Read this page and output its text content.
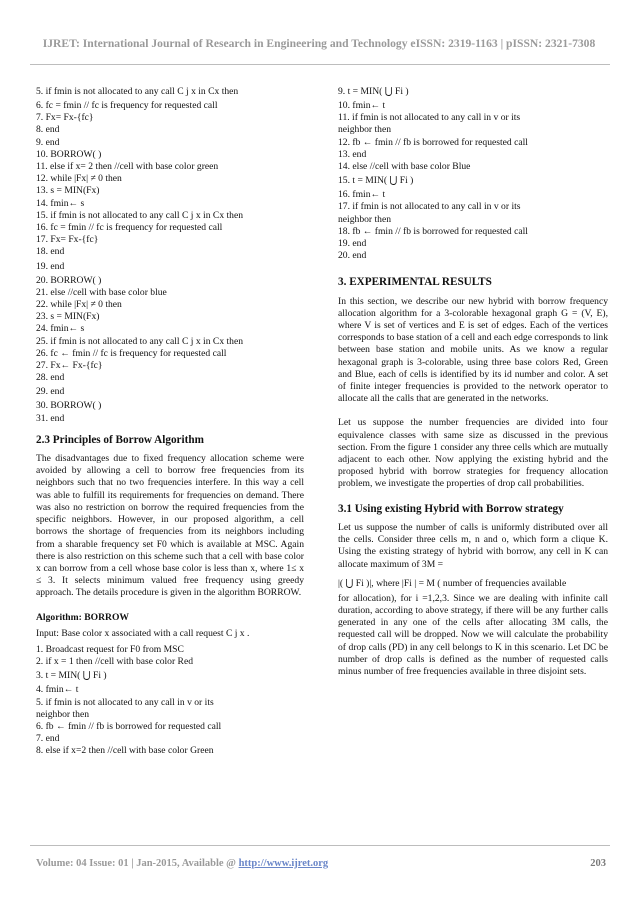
IJRET: International Journal of Research in Engineering and Technology eISSN: 2319-1163 | pISSN: 2321-7308
5. if fmin is not allocated to any call C j x in Cx then
6. fc = fmin // fc is frequency for requested call
7. Fx= Fx-{fc}
8. end
9. end
10. BORROW( )
11. else if x= 2 then //cell with base color green
12. while |Fx| ≠ 0 then
13. s = MIN(Fx)
14. fmin← s
15. if fmin is not allocated to any call C j x in Cx then
16. fc = fmin // fc is frequency for requested call
17. Fx= Fx-{fc}
18. end
19. end
20. BORROW( )
21. else //cell with base color blue
22. while |Fx| ≠ 0 then
23. s = MIN(Fx)
24. fmin← s
25. if fmin is not allocated to any call C j x in Cx then
26. fc ← fmin // fc is frequency for requested call
27. Fx← Fx-{fc}
28. end
29. end
30. BORROW( )
31. end
2.3 Principles of Borrow Algorithm

The disadvantages due to fixed frequency allocation scheme were avoided by allowing a cell to borrow free frequencies from its neighbors such that no two frequencies interfere. In this way a cell was able to fulfill its requirements for frequencies on demand. There was also no restriction on borrow the required frequencies from the specific neighbors. However, in our proposed algorithm, a cell borrows the shortage of frequencies from its neighbors including from a sharable frequency set F0 which is available at MSC. Again there is also restriction on this scheme such that a cell with base color x can borrow from a cell whose base color is less than x, where 1≤ x ≤ 3. It selects minimum valued free frequency using greedy approach. The details procedure is given in the algorithm BORROW.

Algorithm: BORROW
Input: Base color x associated with a call request C j x .
1. Broadcast request for F0 from MSC
2. if x = 1 then //cell with base color Red
3. t = MIN( ⋃ Fi )
4. fmin← t
5. if fmin is not allocated to any call in v or its
neighbor then
6. fb ← fmin // fb is borrowed for requested call
7. end
8. else if x=2 then //cell with base color Green
9. t = MIN( ⋃ Fi )
10. fmin← t
11. if fmin is not allocated to any call in v or its
neighbor then
12. fb ← fmin // fb is borrowed for requested call
13. end
14. else //cell with base color Blue
15. t = MIN( ⋃ Fi )
16. fmin← t
17. if fmin is not allocated to any call in v or its
neighbor then
18. fb ← fmin // fb is borrowed for requested call
19. end
20. end
3. EXPERIMENTAL RESULTS

In this section, we describe our new hybrid with borrow frequency allocation algorithm for a 3-colorable hexagonal graph G = (V, E), where V is set of vertices and E is set of edges. Each of the vertices corresponds to base station of a cell and each edge corresponds to link between base station and mobile units. As we know a regular hexagonal graph is 3-colorable, using three base colors Red, Green and Blue, each of cells is identified by its id number and color. A set of finite integer frequencies is provided to the network operator to allocate all the calls that are generated in the networks.

Let us suppose the number frequencies are divided into four equivalence classes with same size as discussed in the previous section. From the figure 1 consider any three cells which are mutually adjacent to each other. Now applying the existing hybrid and the proposed hybrid with borrow strategies for frequency allocation problem, we investigate the properties of drop call probabilities.

3.1 Using existing Hybrid with Borrow strategy

Let us suppose the number of calls is uniformly distributed over all the cells. Consider three cells m, n and o, which form a clique K. Using the existing strategy of hybrid with borrow, any cell in K can allocate maximum of 3M =

|( ⋃ Fi )|, where |Fi | = M ( number of frequencies available

for allocation), for i =1,2,3. Since we are dealing with infinite call duration, according to above strategy, if there will be any further calls generated in any one of the cells after allocating 3M calls, the requested call will be dropped. Now we will calculate the probability of drop calls (PD) in any cell belongs to K in this scenario. Let DC be number of drop calls is defined as the number of requested calls minus number of free frequencies available in three disjoint sets.

Volume: 04 Issue: 01 | Jan-2015, Available @ http://www.ijret.org	203
